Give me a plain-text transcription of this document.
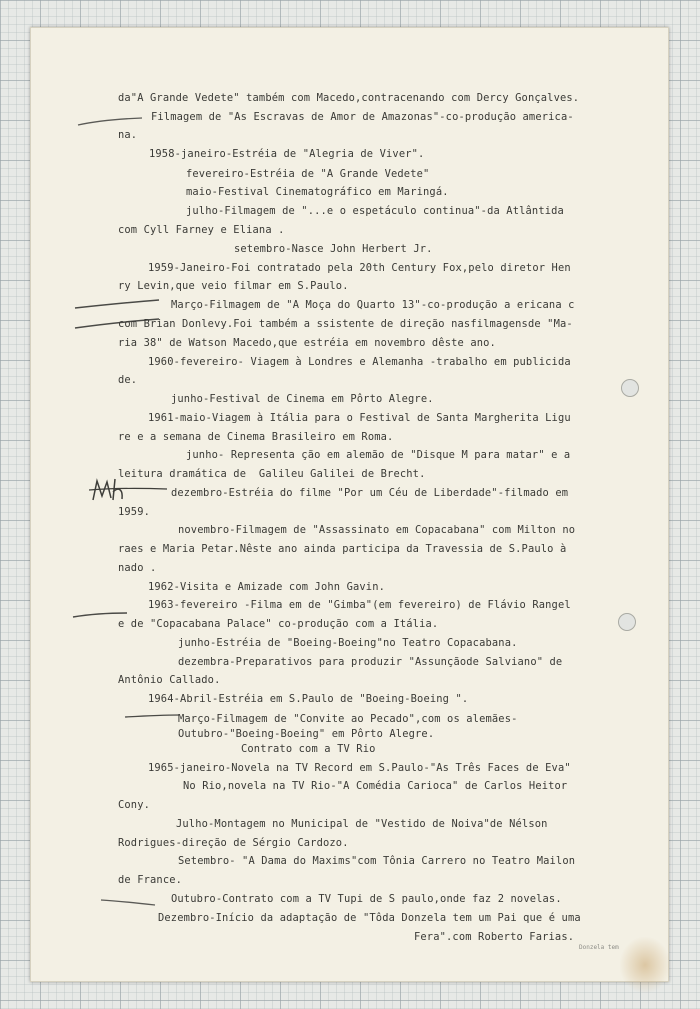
Donzela tem
da"A Grande Vedete" também com Macedo,contracenando com Dercy Gonçalves.
Filmagem de "As Escravas de Amor de Amazonas"-co-produção america-
na.
1958-janeiro-Estréia de "Alegria de Viver".
fevereiro-Estréia de "A Grande Vedete"
maio-Festival Cinematográfico em Maringá.
julho-Filmagem de "...e o espetáculo continua"-da Atlântida
com Cyll Farney e Eliana .
setembro-Nasce John Herbert Jr.
1959-Janeiro-Foi contratado pela 20th Century Fox,pelo diretor Hen
ry Levin,que veio filmar em S.Paulo.
Março-Filmagem de "A Moça do Quarto 13"-co-produção a ericana c
com Brian Donlevy.Foi também a ssistente de direção nasfilmagensde "Ma-
ria 38" de Watson Macedo,que estréia em novembro dêste ano.
1960-fevereiro- Viagem à Londres e Alemanha -trabalho em publicida
de.
junho-Festival de Cinema em Pôrto Alegre.
1961-maio-Viagem à Itália para o Festival de Santa Margherita Ligu
re e a semana de Cinema Brasileiro em Roma.
junho- Representa ção em alemão de "Disque M para matar" e a
leitura dramática de  Galileu Galilei de Brecht.
dezembro-Estréia do filme "Por um Céu de Liberdade"-filmado em
1959.
novembro-Filmagem de "Assassinato em Copacabana" com Milton no
raes e Maria Petar.Nêste ano ainda participa da Travessia de S.Paulo à
nado .
1962-Visita e Amizade com John Gavin.
1963-fevereiro -Filma em de "Gimba"(em fevereiro) de Flávio Rangel
e de "Copacabana Palace" co-produção com a Itália.
junho-Estréia de "Boeing-Boeing"no Teatro Copacabana.
dezembra-Preparativos para produzir "Assunçãode Salviano" de
Antônio Callado.
1964-Abril-Estréia em S.Paulo de "Boeing-Boeing ".
Março-Filmagem de "Convite ao Pecado",com os alemães-
Outubro-"Boeing-Boeing" em Pôrto Alegre.
Contrato com a TV Rio
1965-janeiro-Novela na TV Record em S.Paulo-"As Três Faces de Eva"
No Rio,novela na TV Rio-"A Comédia Carioca" de Carlos Heitor
Cony.
Julho-Montagem no Municipal de "Vestido de Noiva"de Nélson
Rodrigues-direção de Sérgio Cardozo.
Setembro- "A Dama do Maxims"com Tônia Carrero no Teatro Mailon
de France.
Outubro-Contrato com a TV Tupi de S paulo,onde faz 2 novelas.
Dezembro-Início da adaptação de "Tôda Donzela tem um Pai que é uma
Fera".com Roberto Farias.
